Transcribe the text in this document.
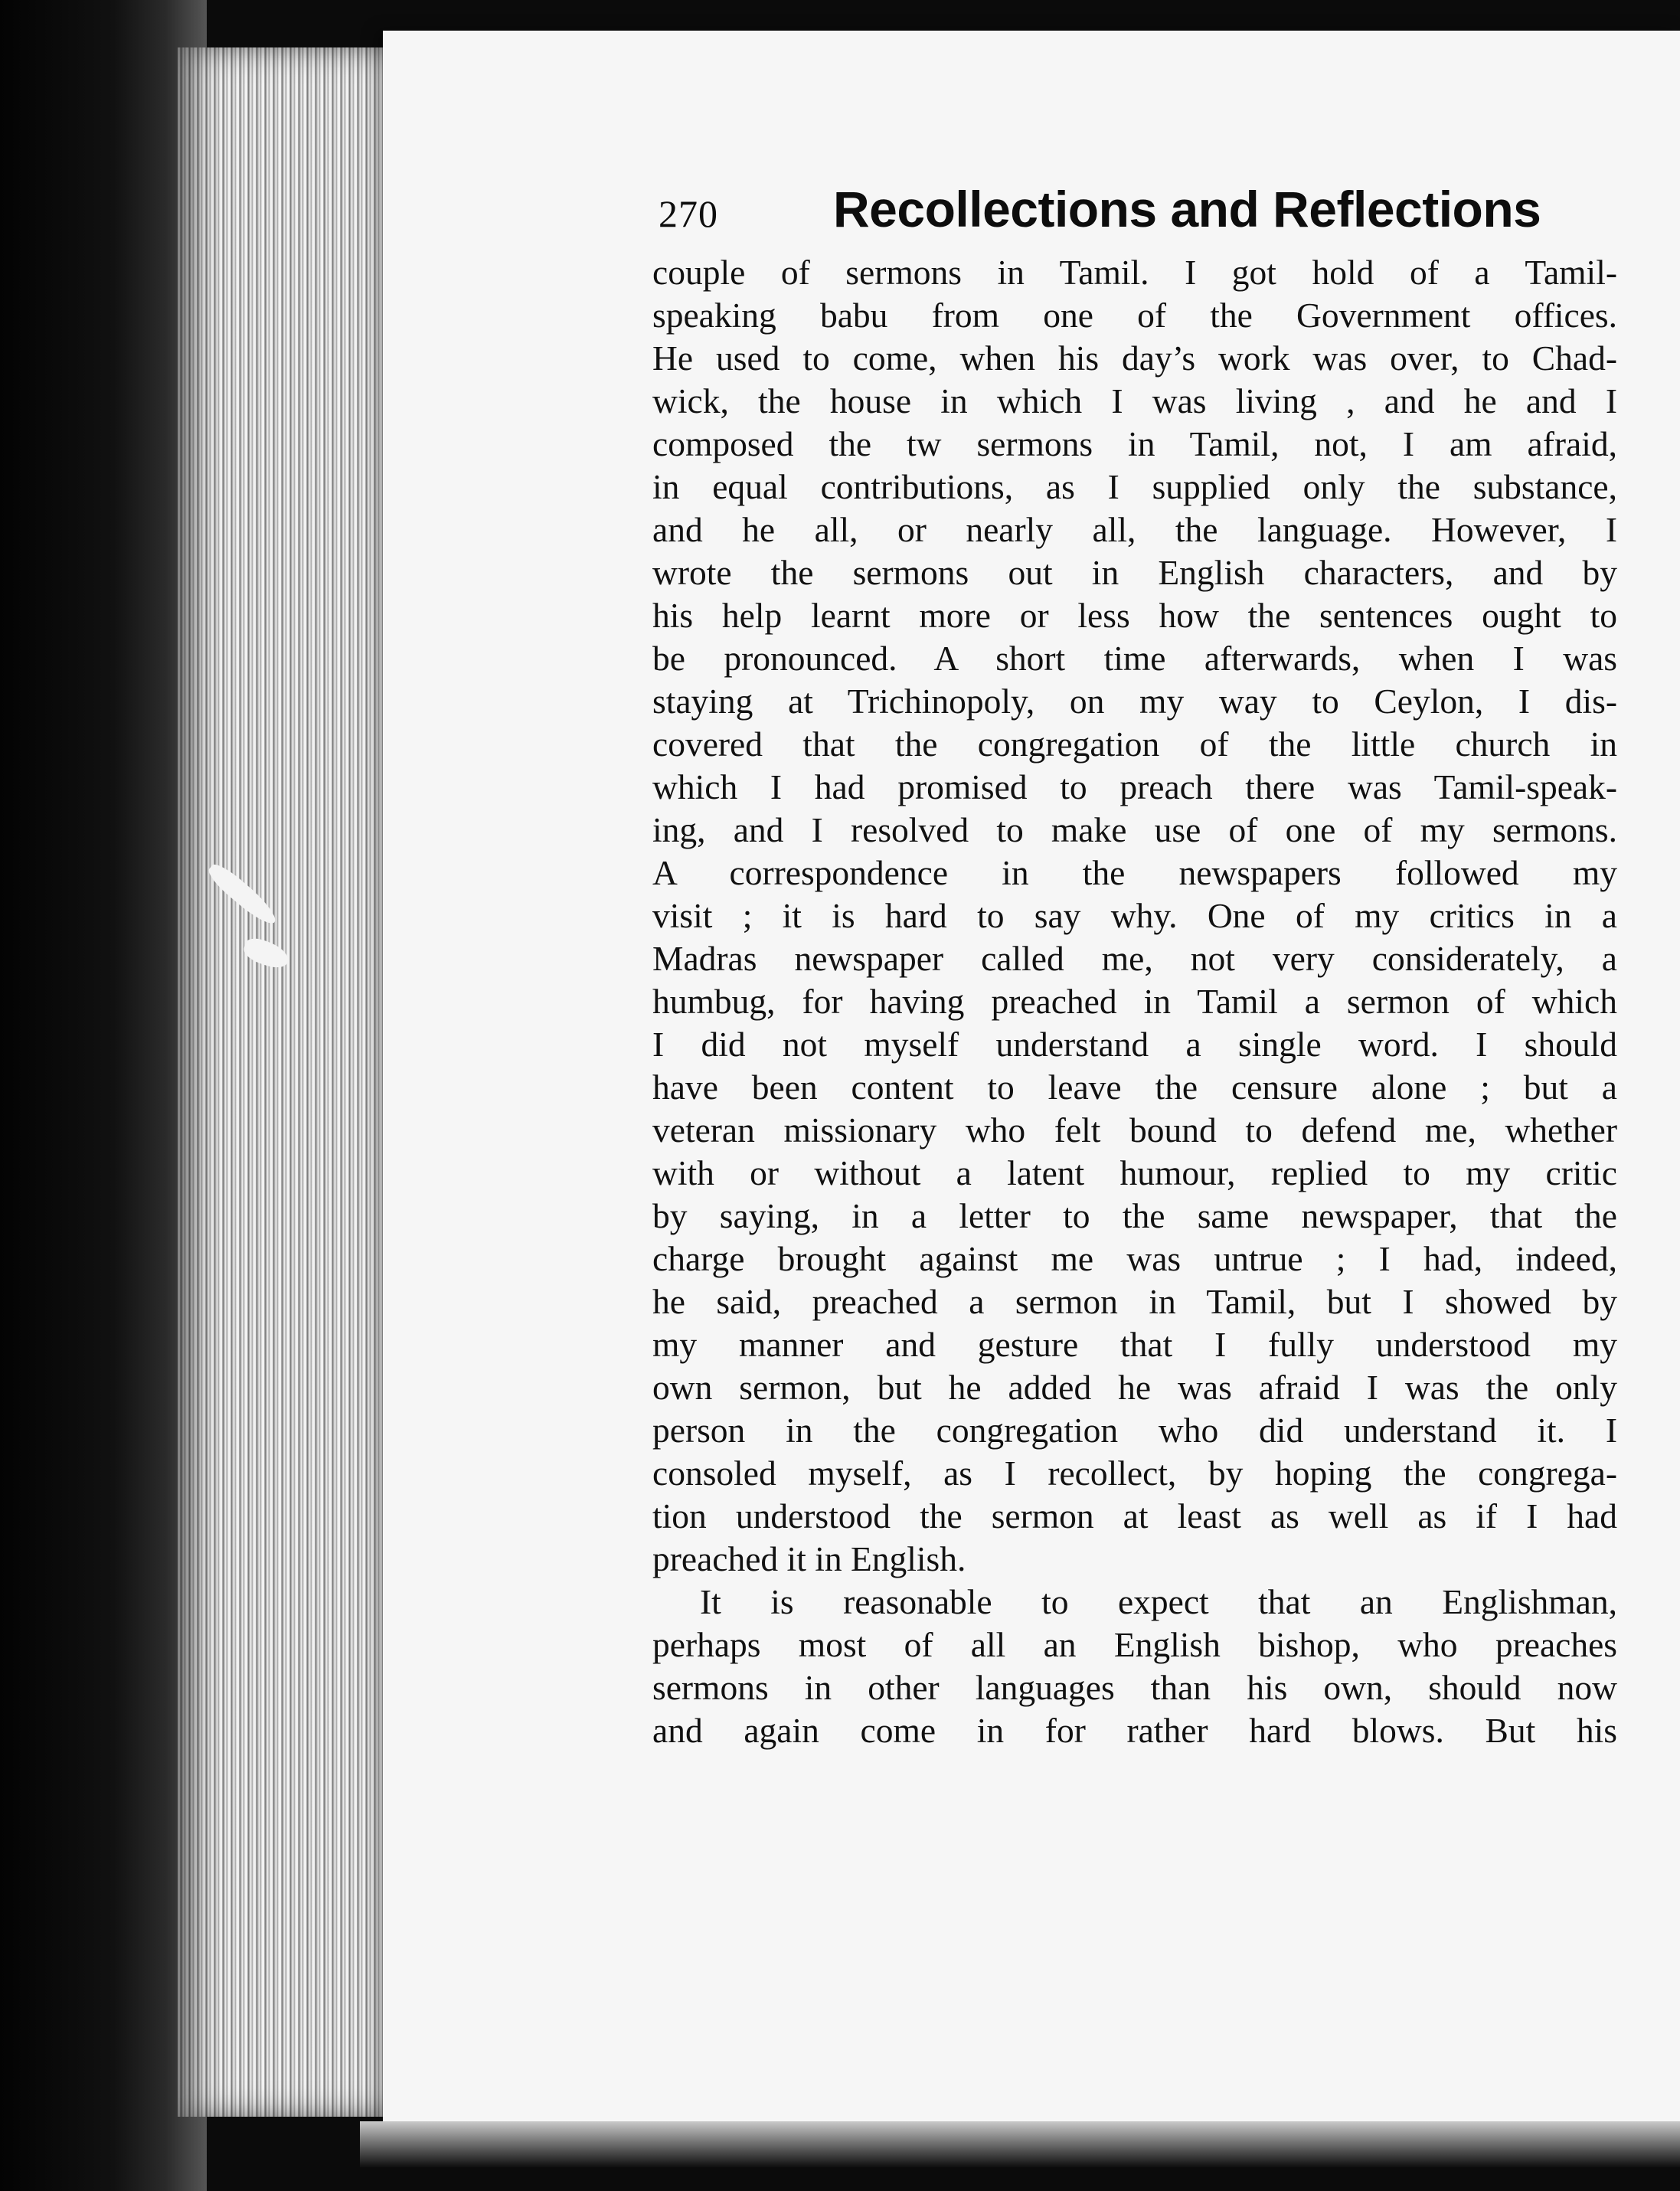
270 Recollections and Reflections
couple of sermons in Tamil. I got hold of a Tamil-
speaking babu from one of the Government offices.
He used to come, when his day’s work was over, to Chad-
wick, the house in which I was living , and he and I
composed the tw sermons in Tamil, not, I am afraid,
in equal contributions, as I supplied only the substance,
and he all, or nearly all, the language. However, I
wrote the sermons out in English characters, and by
his help learnt more or less how the sentences ought to
be pronounced. A short time afterwards, when I was
staying at Trichinopoly, on my way to Ceylon, I dis-
covered that the congregation of the little church in
which I had promised to preach there was Tamil-speak-
ing, and I resolved to make use of one of my sermons.
A correspondence in the newspapers followed my
visit ; it is hard to say why. One of my critics in a
Madras newspaper called me, not very considerately, a
humbug, for having preached in Tamil a sermon of which
I did not myself understand a single word. I should
have been content to leave the censure alone ; but a
veteran missionary who felt bound to defend me, whether
with or without a latent humour, replied to my critic
by saying, in a letter to the same newspaper, that the
charge brought against me was untrue ; I had, indeed,
he said, preached a sermon in Tamil, but I showed by
my manner and gesture that I fully understood my
own sermon, but he added he was afraid I was the only
person in the congregation who did understand it. I
consoled myself, as I recollect, by hoping the congrega-
tion understood the sermon at least as well as if I had
preached it in English.
It is reasonable to expect that an Englishman,
perhaps most of all an English bishop, who preaches
sermons in other languages than his own, should now
and again come in for rather hard blows. But his
